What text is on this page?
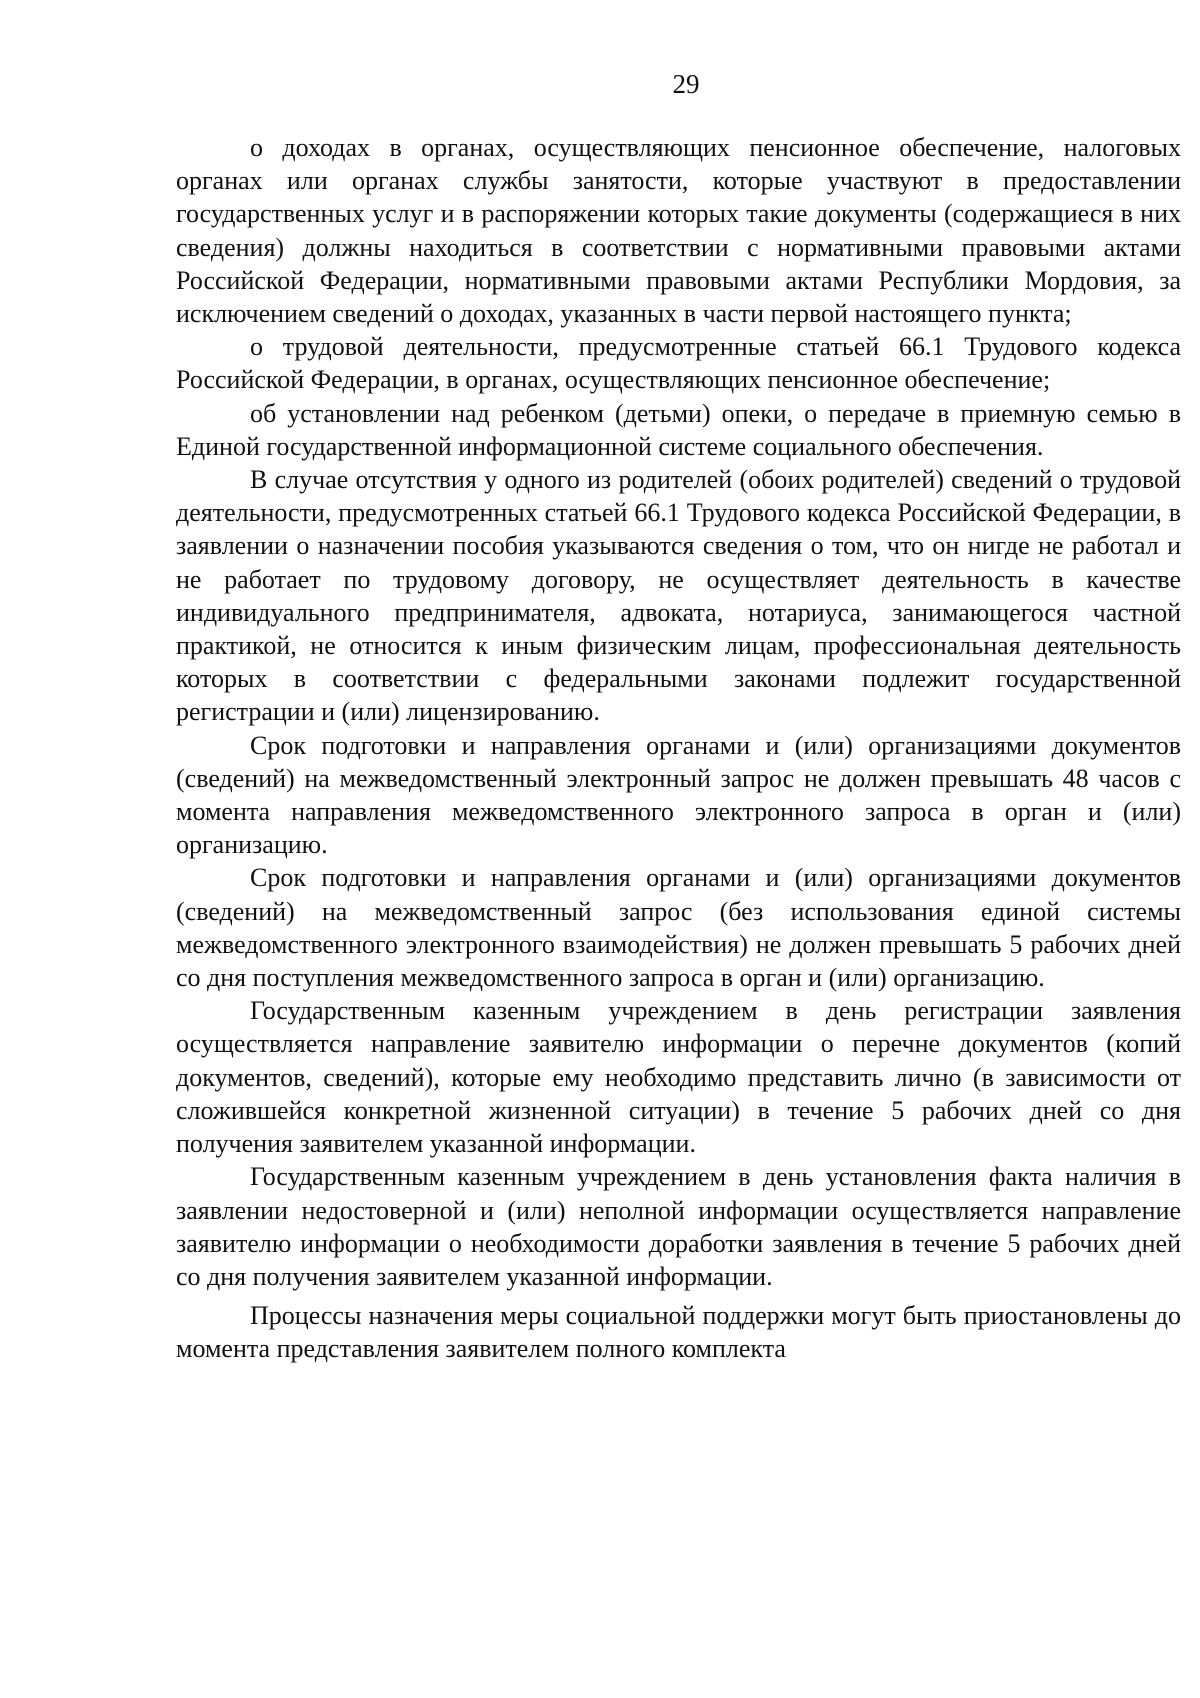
29

о доходах в органах, осуществляющих пенсионное обеспечение, налоговых органах или органах службы занятости, которые участвуют в предоставлении государственных услуг и в распоряжении которых такие документы (содержащиеся в них сведения) должны находиться в соответствии с нормативными правовыми актами Российской Федерации, нормативными правовыми актами Республики Мордовия, за исключением сведений о доходах, указанных в части первой настоящего пункта;

о трудовой деятельности, предусмотренные статьей 66.1 Трудового кодекса Российской Федерации, в органах, осуществляющих пенсионное обеспечение;

об установлении над ребенком (детьми) опеки, о передаче в приемную семью в Единой государственной информационной системе социального обеспечения.

В случае отсутствия у одного из родителей (обоих родителей) сведений о трудовой деятельности, предусмотренных статьей 66.1 Трудового кодекса Российской Федерации, в заявлении о назначении пособия указываются сведения о том, что он нигде не работал и не работает по трудовому договору, не осуществляет деятельность в качестве индивидуального предпринимателя, адвоката, нотариуса, занимающегося частной практикой, не относится к иным физическим лицам, профессиональная деятельность которых в соответствии с федеральными законами подлежит государственной регистрации и (или) лицензированию.

Срок подготовки и направления органами и (или) организациями документов (сведений) на межведомственный электронный запрос не должен превышать 48 часов с момента направления межведомственного электронного запроса в орган и (или) организацию.

Срок подготовки и направления органами и (или) организациями документов (сведений) на межведомственный запрос (без использования единой системы межведомственного электронного взаимодействия) не должен превышать 5 рабочих дней со дня поступления межведомственного запроса в орган и (или) организацию.

Государственным казенным учреждением в день регистрации заявления осуществляется направление заявителю информации о перечне документов (копий документов, сведений), которые ему необходимо представить лично (в зависимости от сложившейся конкретной жизненной ситуации) в течение 5 рабочих дней со дня получения заявителем указанной информации.

Государственным казенным учреждением в день установления факта наличия в заявлении недостоверной и (или) неполной информации осуществляется направление заявителю информации о необходимости доработки заявления в течение 5 рабочих дней со дня получения заявителем указанной информации.

Процессы назначения меры социальной поддержки могут быть приостановлены до момента представления заявителем полного комплекта
